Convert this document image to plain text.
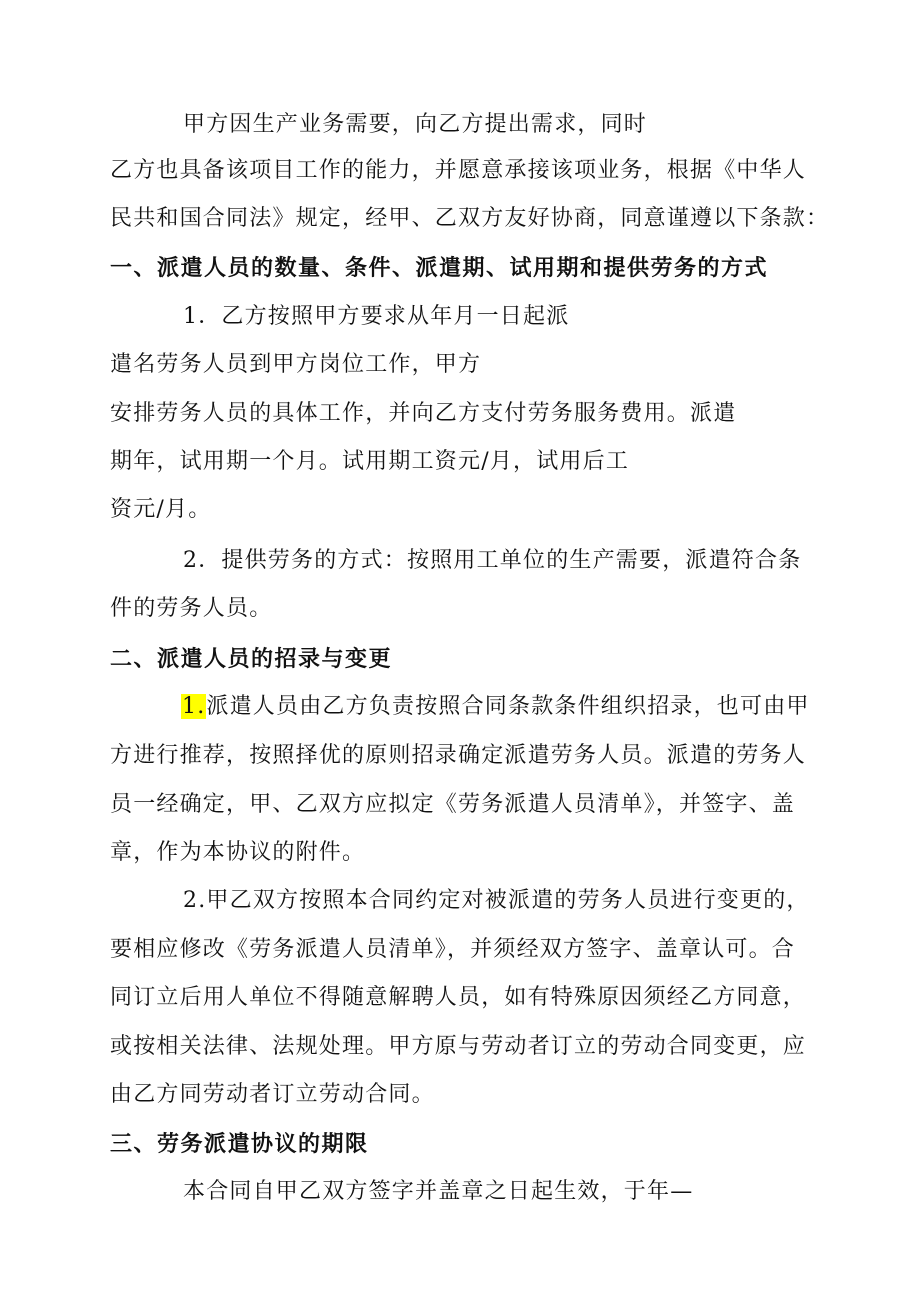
甲方因生产业务需要，向乙方提出需求，同时
乙方也具备该项目工作的能力，并愿意承接该项业务，根据《中华人
民共和国合同法》规定，经甲、乙双方友好协商，同意谨遵以下条款：
一、派遣人员的数量、条件、派遣期、试用期和提供劳务的方式
1．乙方按照甲方要求从年月一日起派
遣名劳务人员到甲方岗位工作，甲方
安排劳务人员的具体工作，并向乙方支付劳务服务费用。派遣
期年，试用期一个月。试用期工资元/月，试用后工
资元/月。
2．提供劳务的方式：按照用工单位的生产需要，派遣符合条
件的劳务人员。
二、派遣人员的招录与变更
1.派遣人员由乙方负责按照合同条款条件组织招录，也可由甲
方进行推荐，按照择优的原则招录确定派遣劳务人员。派遣的劳务人
员一经确定，甲、乙双方应拟定《劳务派遣人员清单》，并签字、盖
章，作为本协议的附件。
2.甲乙双方按照本合同约定对被派遣的劳务人员进行变更的，
要相应修改《劳务派遣人员清单》，并须经双方签字、盖章认可。合
同订立后用人单位不得随意解聘人员，如有特殊原因须经乙方同意，
或按相关法律、法规处理。甲方原与劳动者订立的劳动合同变更，应
由乙方同劳动者订立劳动合同。
三、劳务派遣协议的期限
本合同自甲乙双方签字并盖章之日起生效，于年—
